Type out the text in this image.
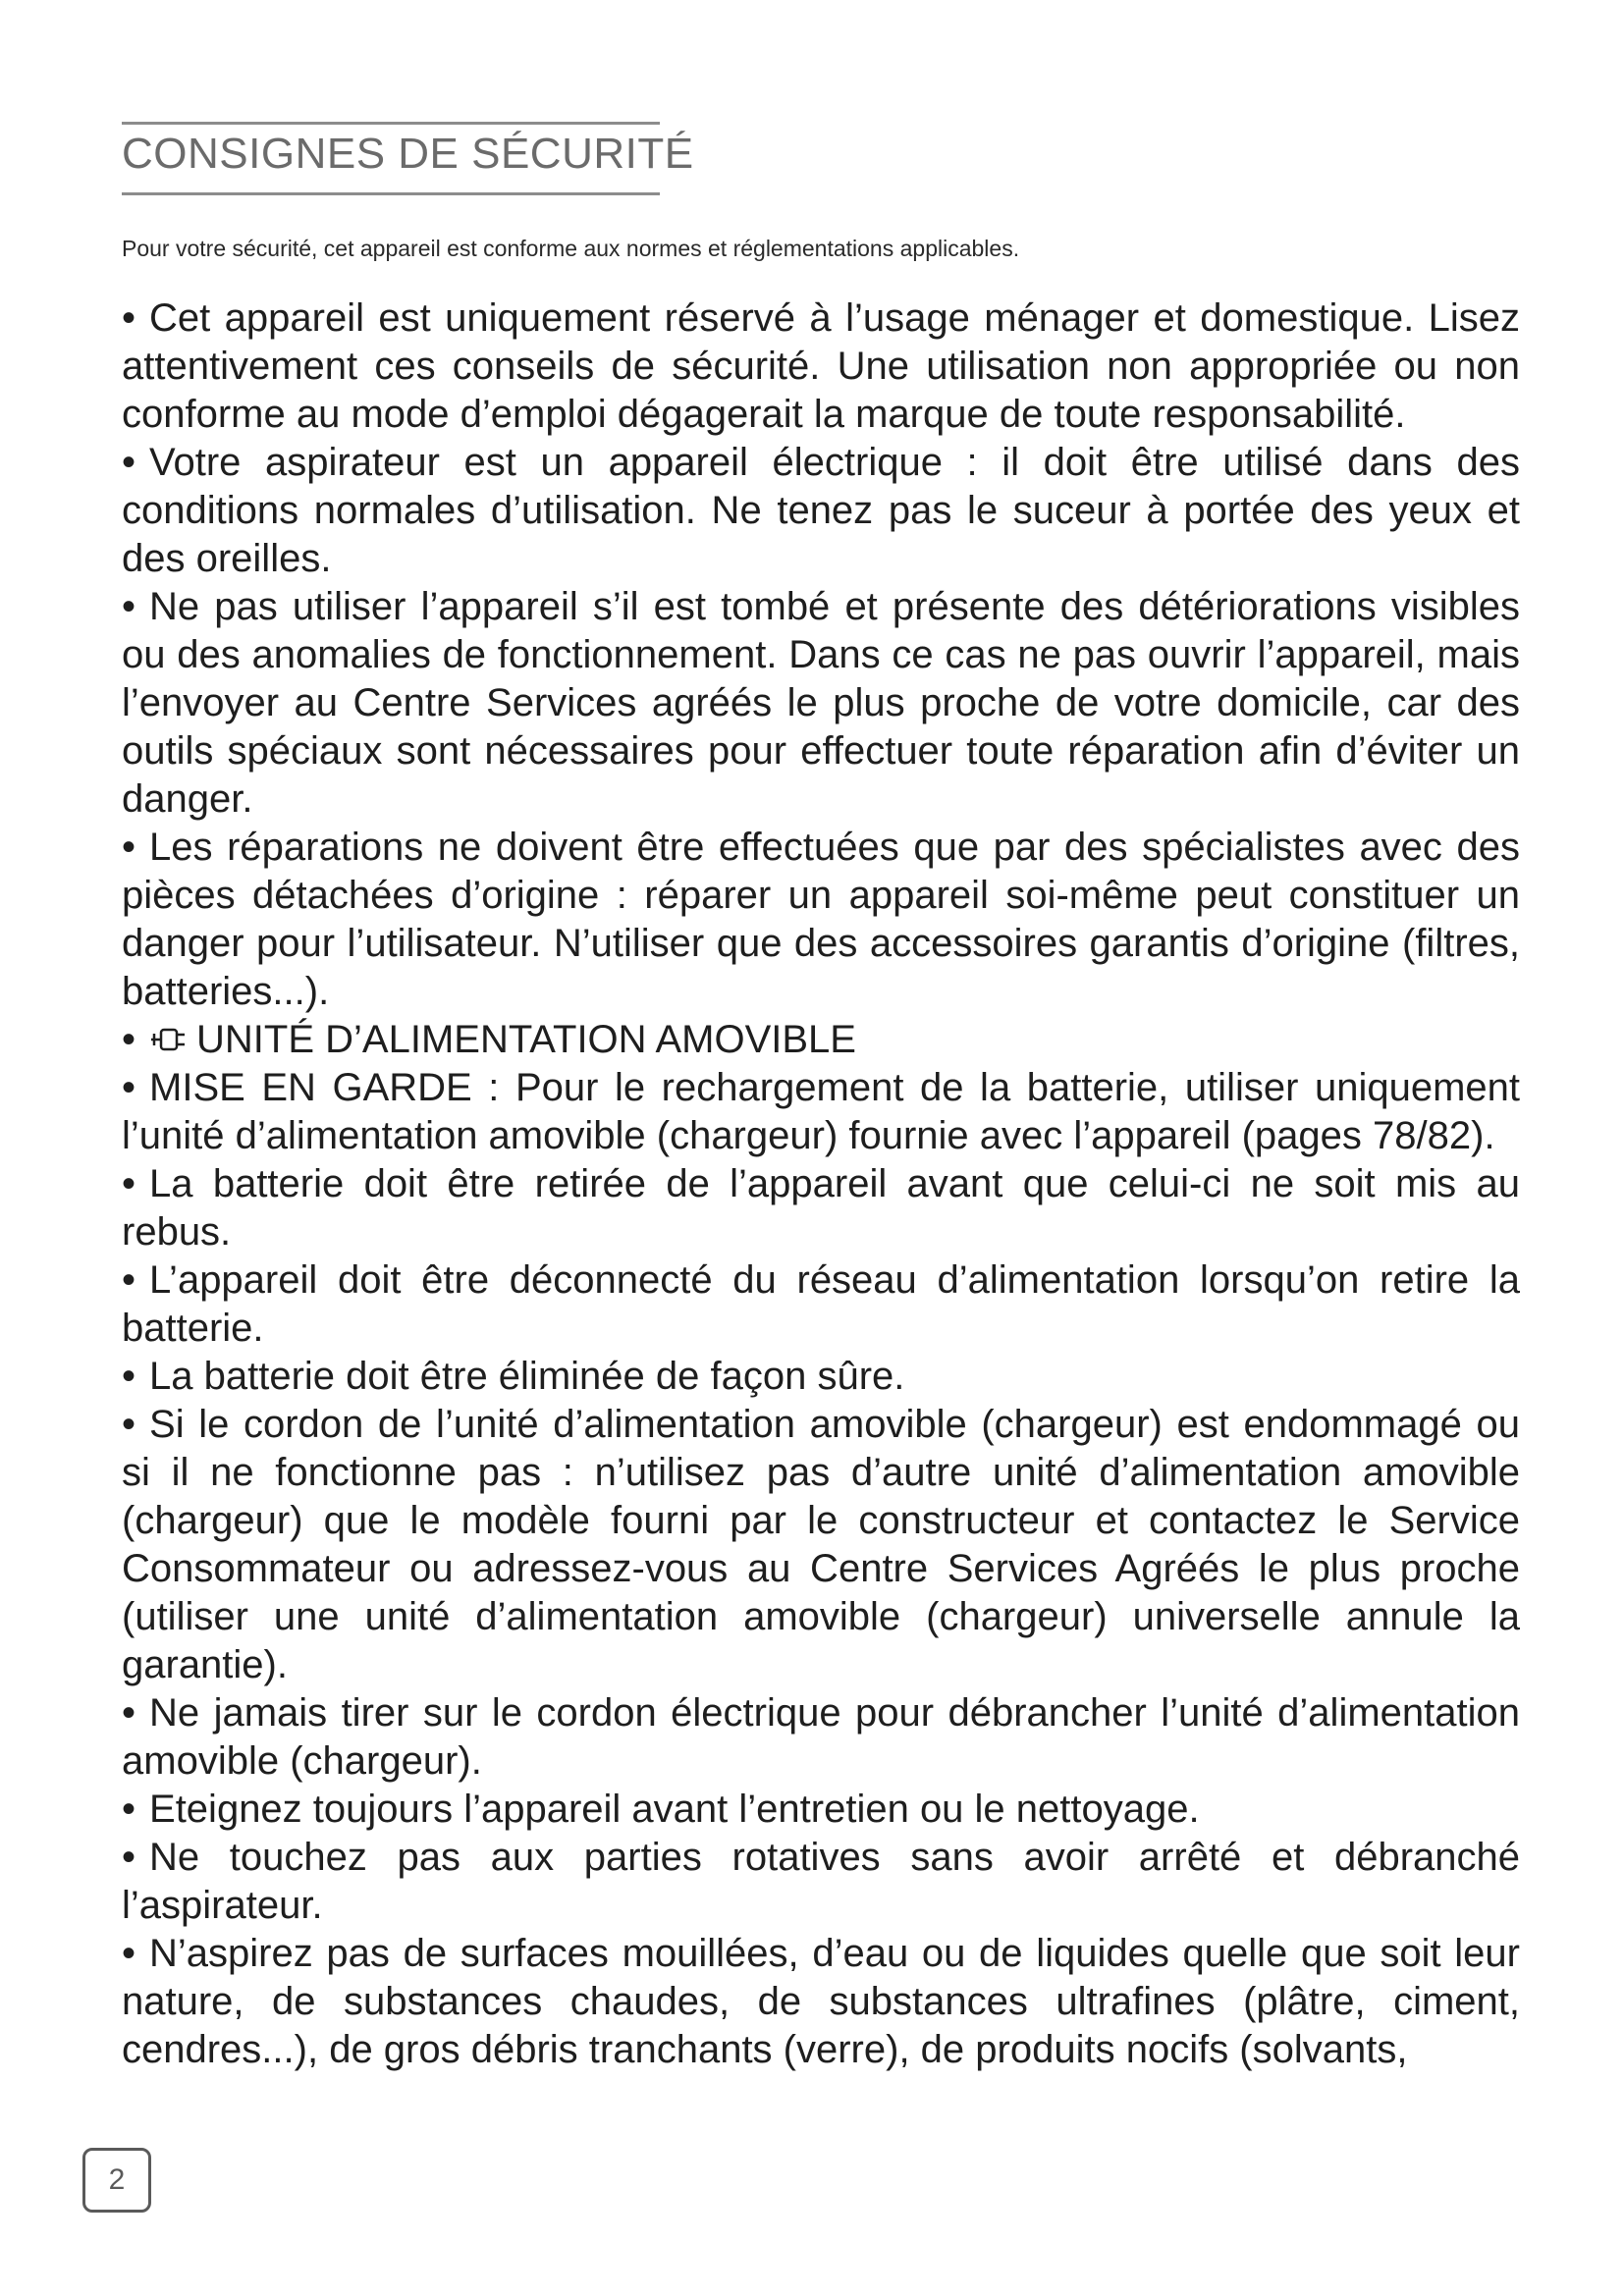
CONSIGNES DE SÉCURITÉ
Pour votre sécurité, cet appareil est conforme aux normes et réglementations applicables.

• Cet appareil est uniquement réservé à l’usage ménager et domestique. Lisez attentivement ces conseils de sécurité. Une utilisation non appropriée ou non conforme au mode d’emploi dégagerait la marque de toute responsabilité.

• Votre aspirateur est un appareil électrique : il doit être utilisé dans des conditions normales d’utilisation. Ne tenez pas le suceur à portée des yeux et des oreilles.

• Ne pas utiliser l’appareil s’il est tombé et présente des détériorations visibles ou des anomalies de fonctionnement. Dans ce cas ne pas ouvrir l’appareil, mais l’envoyer au Centre Services agréés le plus proche de votre domicile, car des outils spéciaux sont nécessaires pour effectuer toute réparation afin d’éviter un danger.

• Les réparations ne doivent être effectuées que par des spécialistes avec des pièces détachées d’origine : réparer un appareil soi-même peut constituer un danger pour l’utilisateur. N’utiliser que des accessoires garantis d’origine (filtres, batteries...).

• UNITÉ D’ALIMENTATION AMOVIBLE

• MISE EN GARDE : Pour le rechargement de la batterie, utiliser uniquement l’unité d’alimentation amovible (chargeur) fournie avec l’appareil (pages 78/82).

• La batterie doit être retirée de l’appareil avant que celui-ci ne soit mis au rebus.

• L’appareil doit être déconnecté du réseau d’alimentation lorsqu’on retire la batterie.

• La batterie doit être éliminée de façon sûre.

• Si le cordon de l’unité d’alimentation amovible (chargeur) est endommagé ou si il ne fonctionne pas : n’utilisez pas d’autre unité d’alimentation amovible (chargeur) que le modèle fourni par le constructeur et contactez le Service Consommateur ou adressez-vous au Centre Services Agréés le plus proche (utiliser une unité d’alimentation amovible (chargeur) universelle annule la garantie).

• Ne jamais tirer sur le cordon électrique pour débrancher l’unité d’alimentation amovible (chargeur).

• Eteignez toujours l’appareil avant l’entretien ou le nettoyage.

• Ne touchez pas aux parties rotatives sans avoir arrêté et débranché l’aspirateur.

• N’aspirez pas de surfaces mouillées, d’eau ou de liquides quelle que soit leur nature, de substances chaudes, de substances ultrafines (plâtre, ciment, cendres...), de gros débris tranchants (verre), de produits nocifs (solvants,

2
